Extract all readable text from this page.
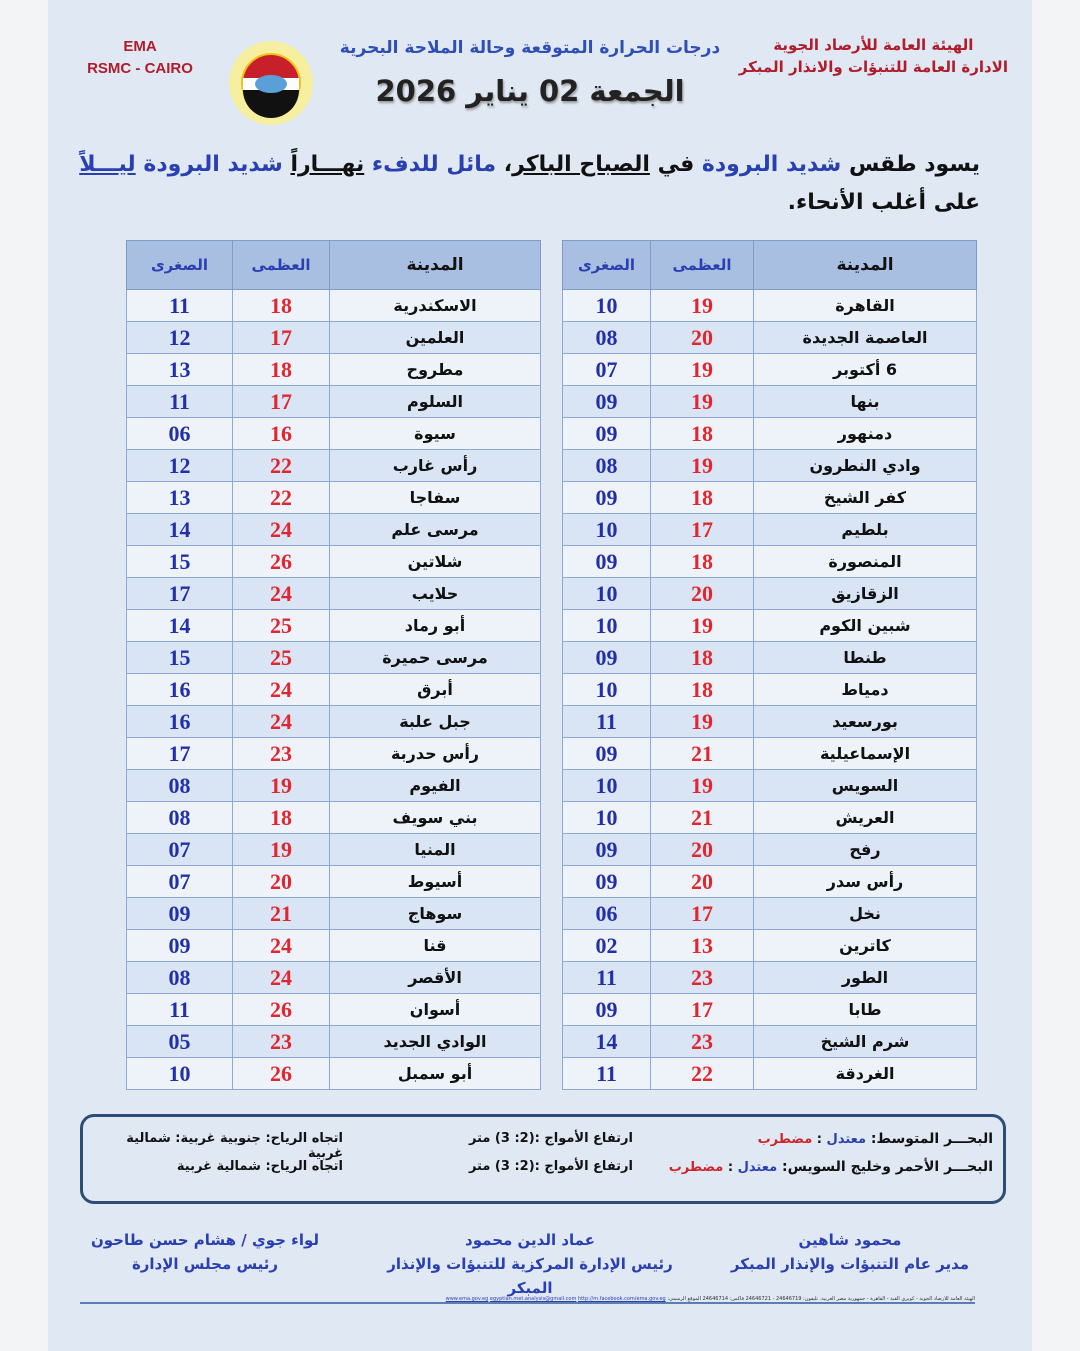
EMA
RSMC - CAIRO
الهيئة العامة للأرصاد الجوية
الادارة العامة للتنبؤات والانذار المبكر
درجات الحرارة المتوقعة وحالة الملاحة البحرية
الجمعة 02 يناير 2026
يسود طقس شديد البرودة في الصباح الباكر، مائل للدفء نهـــاراً شديد البرودة ليـــلاً على أغلب الأنحاء.
المدينة	العظمى	الصغرى
القاهرة	19	10
العاصمة الجديدة	20	08
6 أكتوبر	19	07
بنها	19	09
دمنهور	18	09
وادي النطرون	19	08
كفر الشيخ	18	09
بلطيم	17	10
المنصورة	18	09
الزقازيق	20	10
شبين الكوم	19	10
طنطا	18	09
دمياط	18	10
بورسعيد	19	11
الإسماعيلية	21	09
السويس	19	10
العريش	21	10
رفح	20	09
رأس سدر	20	09
نخل	17	06
كاترين	13	02
الطور	23	11
طابا	17	09
شرم الشيخ	23	14
الغردقة	22	11
المدينة	العظمى	الصغرى
الاسكندرية	18	11
العلمين	17	12
مطروح	18	13
السلوم	17	11
سيوة	16	06
رأس غارب	22	12
سفاجا	22	13
مرسى علم	24	14
شلاتين	26	15
حلايب	24	17
أبو رماد	25	14
مرسى حميرة	25	15
أبرق	24	16
جبل علبة	24	16
رأس حدربة	23	17
الفيوم	19	08
بني سويف	18	08
المنيا	19	07
أسيوط	20	07
سوهاج	21	09
قنا	24	09
الأقصر	24	08
أسوان	26	11
الوادي الجديد	23	05
أبو سمبل	26	10
البحـــر المتوسط: معتدل : مضطرب
ارتفاع الأمواج :(2: 3) متر
اتجاه الرياح: جنوبية غربية: شمالية غربية
البحـــر الأحمر وخليج السويس: معتدل : مضطرب
ارتفاع الأمواج :(2: 3) متر
اتجاه الرياح: شمالية غربية
محمود شاهين
مدير عام التنبؤات والإنذار المبكر
عماد الدين محمود
رئيس الإدارة المركزية للتنبؤات والإنذار المبكر
لواء جوي / هشام حسن طاحون
رئيس مجلس الإدارة
الهيئة العامة للأرصاد الجوية - كوبري القبة - القاهرة - جمهورية مصر العربية. تليفون: 24646719 - 24646721 فاكس: 24646714 الموقع الرسمي: www.ema.gov.eg egyptian.met.analysis@gmail.com http://m.facebook.com/ema.gov.eg
